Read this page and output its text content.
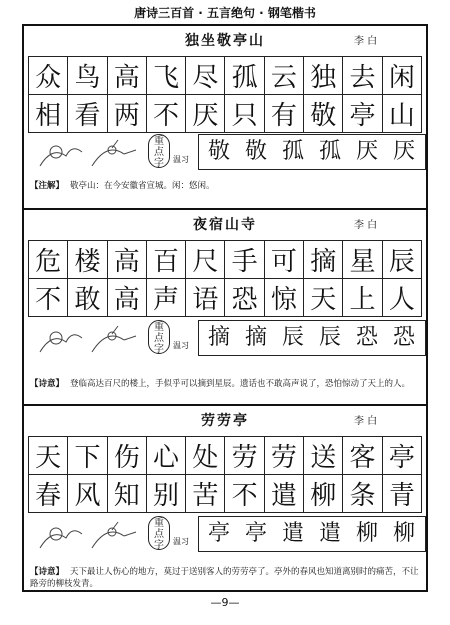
唐诗三百首 · 五言绝句 · 钢笔楷书
独坐敬亭山	李 白
众	鸟	高	飞	尽	孤	云	独	去	闲
相	看	两	不	厌	只	有	敬	亭	山
重
点
字	温习 敬 敬 孤 孤 厌 厌
【注解】 敬亭山：在今安徽省宣城。闲：悠闲。
夜宿山寺	李 白
危	楼	高	百	尺	手	可	摘	星	辰
不	敢	高	声	语	恐	惊	天	上	人
重
点
字	温习 摘 摘 辰 辰 恐 恐
【诗意】 登临高达百尺的楼上，手似乎可以摘到星辰。遗话也不敢高声说了，恐怕惊动了天上的人。
劳劳亭	李 白
天	下	伤	心	处	劳	劳	送	客	亭
春	风	知	别	苦	不	遣	柳	条	青
重
点
字	温习 亭 亭 遣 遣 柳 柳
【诗意】 天下最让人伤心的地方，莫过于送别客人的劳劳亭了。亭外的春风也知道离别时的痛苦，不让路旁的柳枝发青。
—9—
